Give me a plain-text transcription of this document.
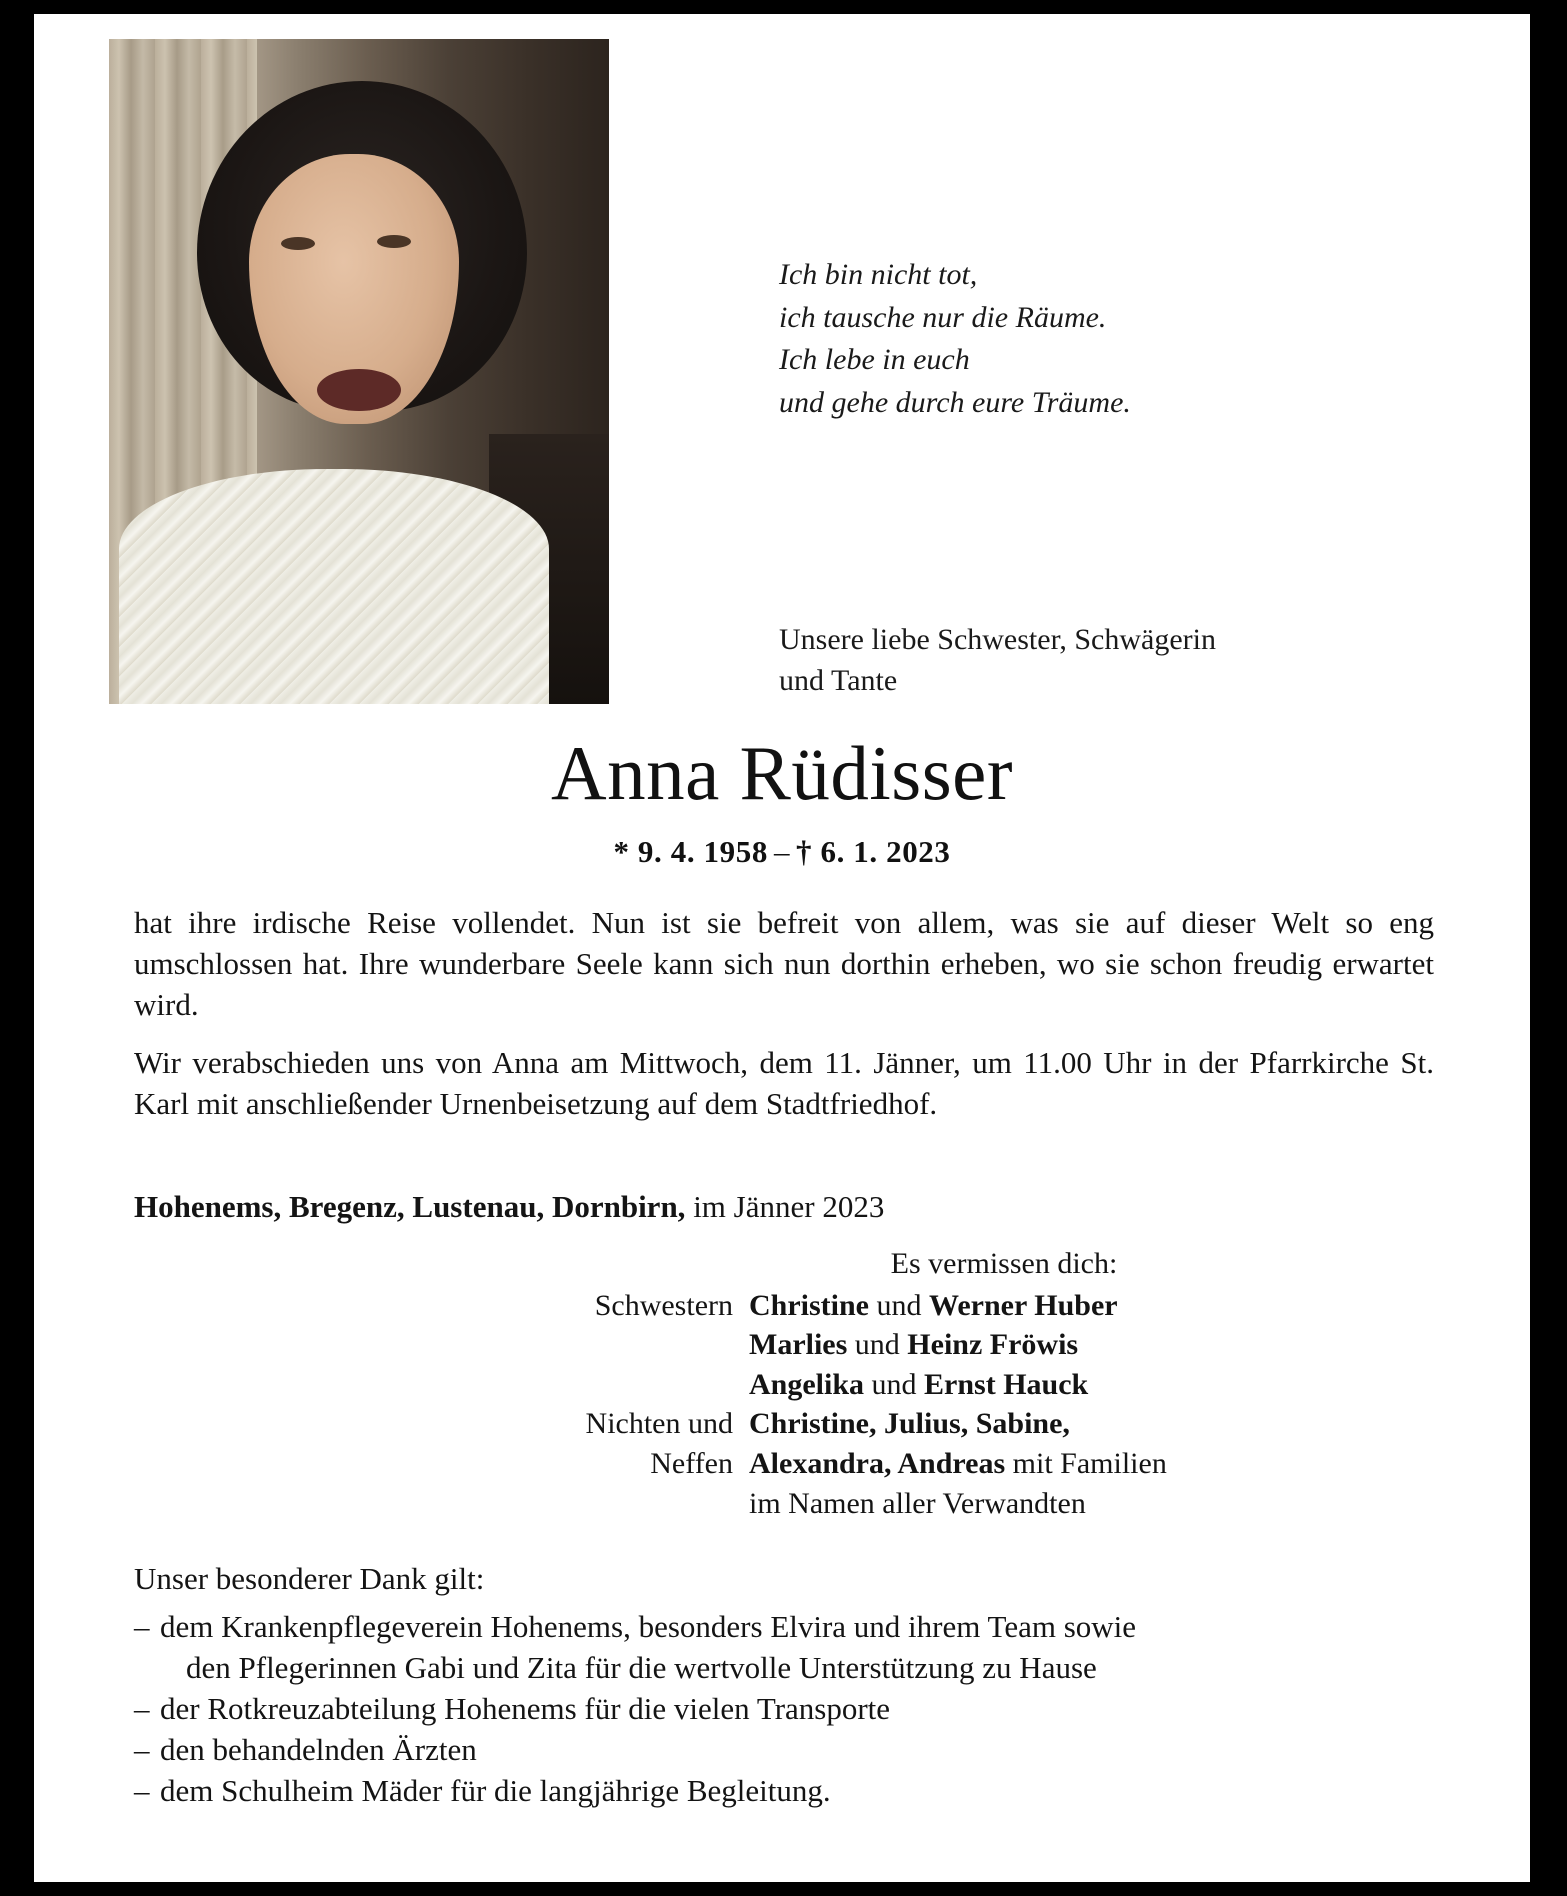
Ich bin nicht tot,
ich tausche nur die Räume.
Ich lebe in euch
und gehe durch eure Träume.
Unsere liebe Schwester, Schwägerin
und Tante
Anna Rüdisser
* 9. 4. 1958 – † 6. 1. 2023

hat ihre irdische Reise vollendet. Nun ist sie befreit von allem, was sie auf dieser Welt so eng umschlossen hat. Ihre wunderbare Seele kann sich nun dorthin erheben, wo sie schon freudig erwartet wird.

Wir verabschieden uns von Anna am Mittwoch, dem 11. Jänner, um 11.00 Uhr in der Pfarrkirche St. Karl mit anschließender Urnenbeisetzung auf dem Stadtfriedhof.

Hohenems, Bregenz, Lustenau, Dornbirn, im Jänner 2023
Es vermissen dich:
Schwestern Christine und Werner Huber
Marlies und Heinz Fröwis
Angelika und Ernst Hauck
Nichten und Christine, Julius, Sabine,
Neffen Alexandra, Andreas mit Familien
im Namen aller Verwandten
Unser besonderer Dank gilt:
– dem Krankenpflegeverein Hohenems, besonders Elvira und ihrem Team sowie
den Pflegerinnen Gabi und Zita für die wertvolle Unterstützung zu Hause
– der Rotkreuzabteilung Hohenems für die vielen Transporte
– den behandelnden Ärzten
– dem Schulheim Mäder für die langjährige Begleitung.
